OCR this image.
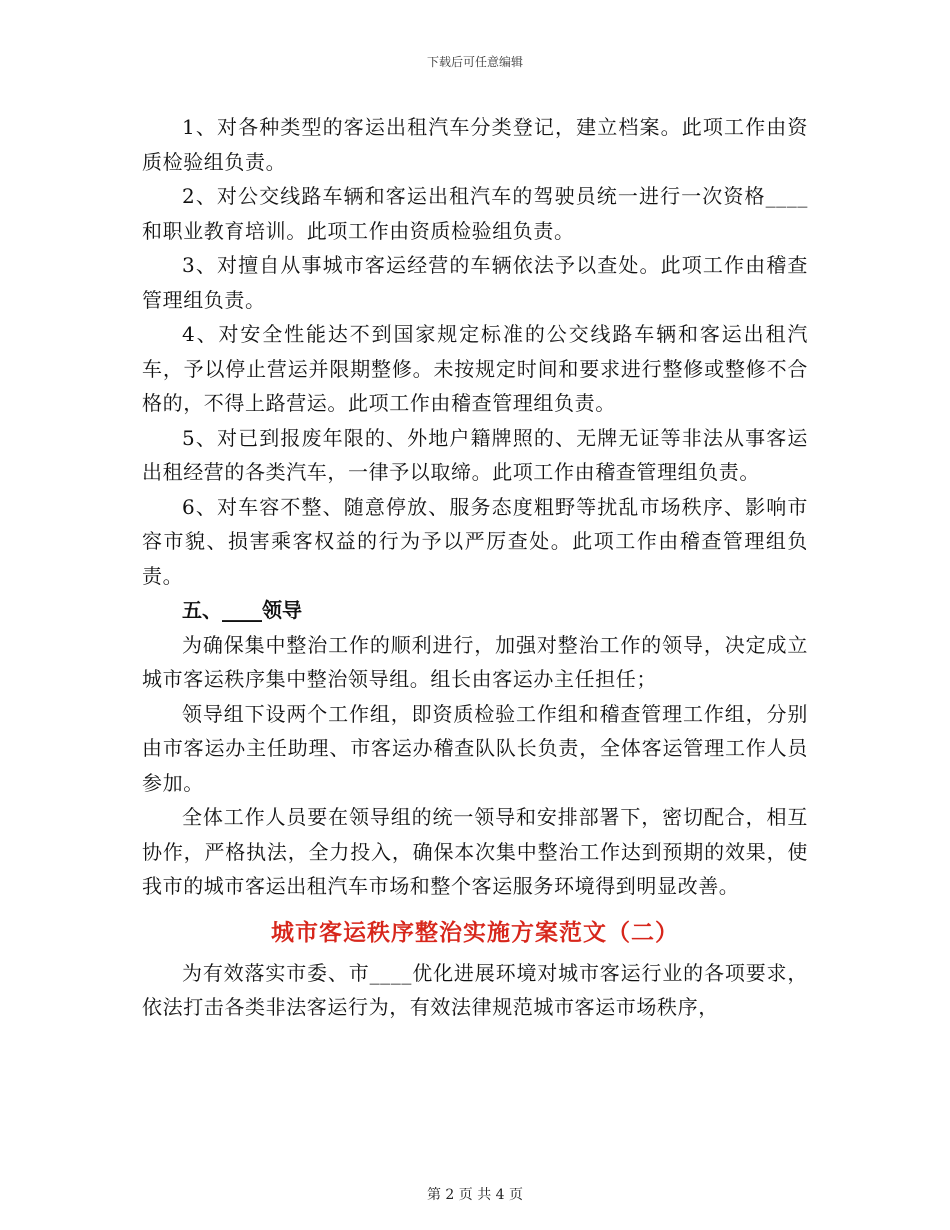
下载后可任意编辑

1、对各种类型的客运出租汽车分类登记，建立档案。此项工作由资质检验组负责。

2、对公交线路车辆和客运出租汽车的驾驶员统一进行一次资格____和职业教育培训。此项工作由资质检验组负责。

3、对擅自从事城市客运经营的车辆依法予以查处。此项工作由稽查管理组负责。

4、对安全性能达不到国家规定标准的公交线路车辆和客运出租汽车，予以停止营运并限期整修。未按规定时间和要求进行整修或整修不合格的，不得上路营运。此项工作由稽查管理组负责。

5、对已到报废年限的、外地户籍牌照的、无牌无证等非法从事客运出租经营的各类汽车，一律予以取缔。此项工作由稽查管理组负责。

6、对车容不整、随意停放、服务态度粗野等扰乱市场秩序、影响市容市貌、损害乘客权益的行为予以严厉查处。此项工作由稽查管理组负责。

五、____领导

为确保集中整治工作的顺利进行，加强对整治工作的领导，决定成立城市客运秩序集中整治领导组。组长由客运办主任担任；

领导组下设两个工作组，即资质检验工作组和稽查管理工作组，分别由市客运办主任助理、市客运办稽查队队长负责，全体客运管理工作人员参加。

全体工作人员要在领导组的统一领导和安排部署下，密切配合，相互协作，严格执法，全力投入，确保本次集中整治工作达到预期的效果，使我市的城市客运出租汽车市场和整个客运服务环境得到明显改善。

城市客运秩序整治实施方案范文（二）

为有效落实市委、市____优化进展环境对城市客运行业的各项要求，依法打击各类非法客运行为，有效法律规范城市客运市场秩序，

第 2 页 共 4 页
